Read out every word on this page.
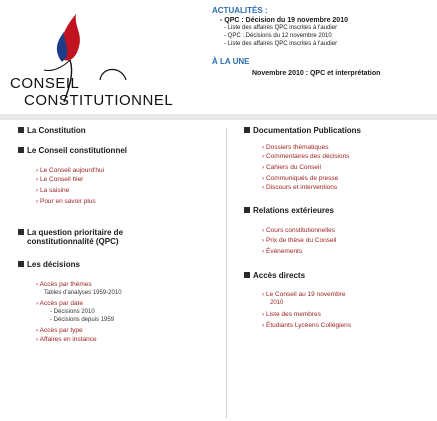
CONSEIL
CONSTITUTIONNEL
ACTUALITÉS :
- QPC : Décision du 19 novembre 2010
- Liste des affaires QPC inscrites à l'audier
- QPC : Décisions du 12 novembre 2010
- Liste des affaires QPC inscrites à l'audier
À LA UNE
Novembre 2010 : QPC et interprétation
La Constitution
Le Conseil constitutionnel
› Le Conseil aujourd'hui
› Le Conseil hier
› La saisine
› Pour en savoir plus
La question prioritaire de
constitutionnalité (QPC)
Les décisions
› Accès par thèmes
Tables d'analyses 1959-2010
› Accès par date
- Décisions 2010
- Décisions depuis 1959
› Accès par type
› Affaires en instance
Documentation Publications
› Dossiers thématiques
› Commentaires des décisions
› Cahiers du Conseil
› Communiqués de presse
› Discours et interventions
Relations extérieures
› Cours constitutionnelles
› Prix de thèse du Conseil
› Événements
Accès directs
› Le Conseil au 19 novembre
2010
› Liste des membres
› Étudiants Lycéens Collégiens
